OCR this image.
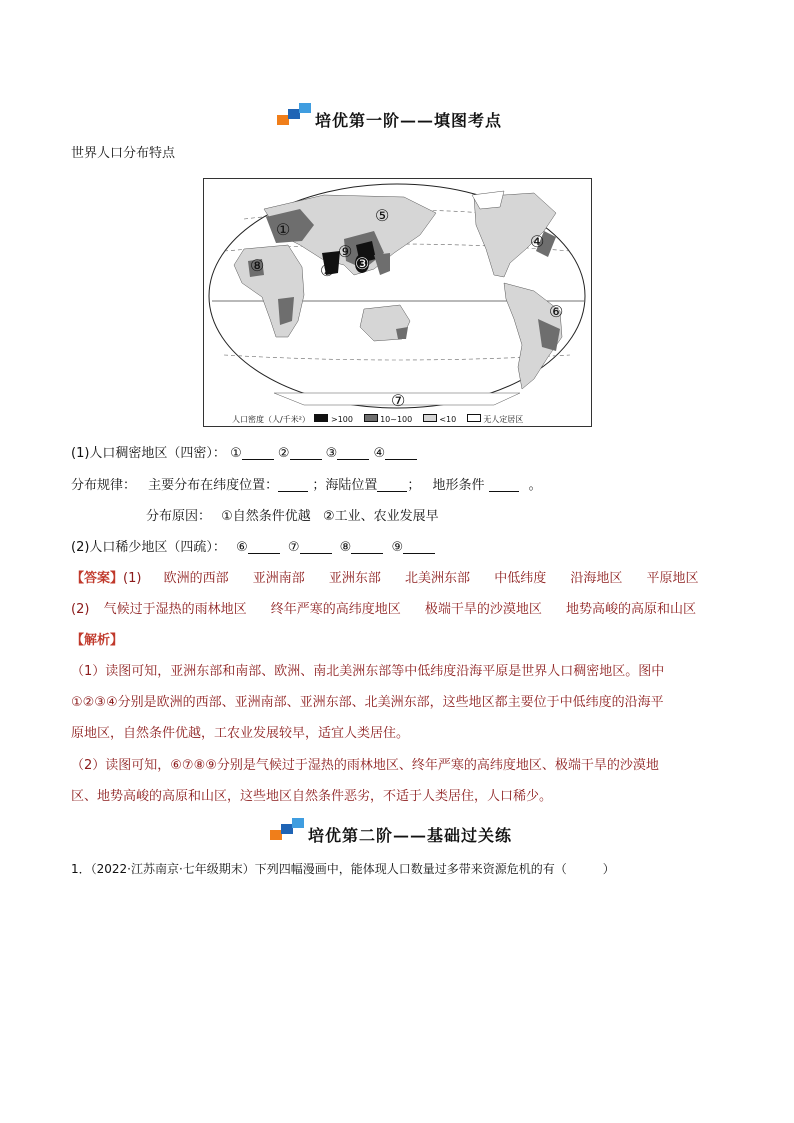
培优第一阶——填图考点
世界人口分布特点
①
② ③
④
⑤
⑥
⑦
⑧
⑨
人口密度（人/千米²）	>100	10~100	<10	无人定居区
(1)人口稠密地区（四密）： ①	②	③	④
分布规律： 主要分布在纬度位置：	；海陆位置 ； 地形条件	。
分布原因： ①自然条件优越 ②工业、农业发展早
(2)人口稀少地区（四疏）： ⑥	⑦	⑧	⑨
【答案】(1) 欧洲的西部 亚洲南部 亚洲东部 北美洲东部 中低纬度 沿海地区 平原地区
(2) 气候过于湿热的雨林地区 终年严寒的高纬度地区 极端干旱的沙漠地区 地势高峻的高原和山区
【解析】
（1）读图可知，亚洲东部和南部、欧洲、南北美洲东部等中低纬度沿海平原是世界人口稠密地区。图中
①②③④分别是欧洲的西部、亚洲南部、亚洲东部、北美洲东部，这些地区都主要位于中低纬度的沿海平
原地区，自然条件优越，工农业发展较早，适宜人类居住。
（2）读图可知，⑥⑦⑧⑨分别是气候过于湿热的雨林地区、终年严寒的高纬度地区、极端干旱的沙漠地
区、地势高峻的高原和山区，这些地区自然条件恶劣，不适于人类居住，人口稀少。
培优第二阶——基础过关练
1．（2022·江苏南京·七年级期末）下列四幅漫画中，能体现人口数量过多带来资源危机的有（　　　）
